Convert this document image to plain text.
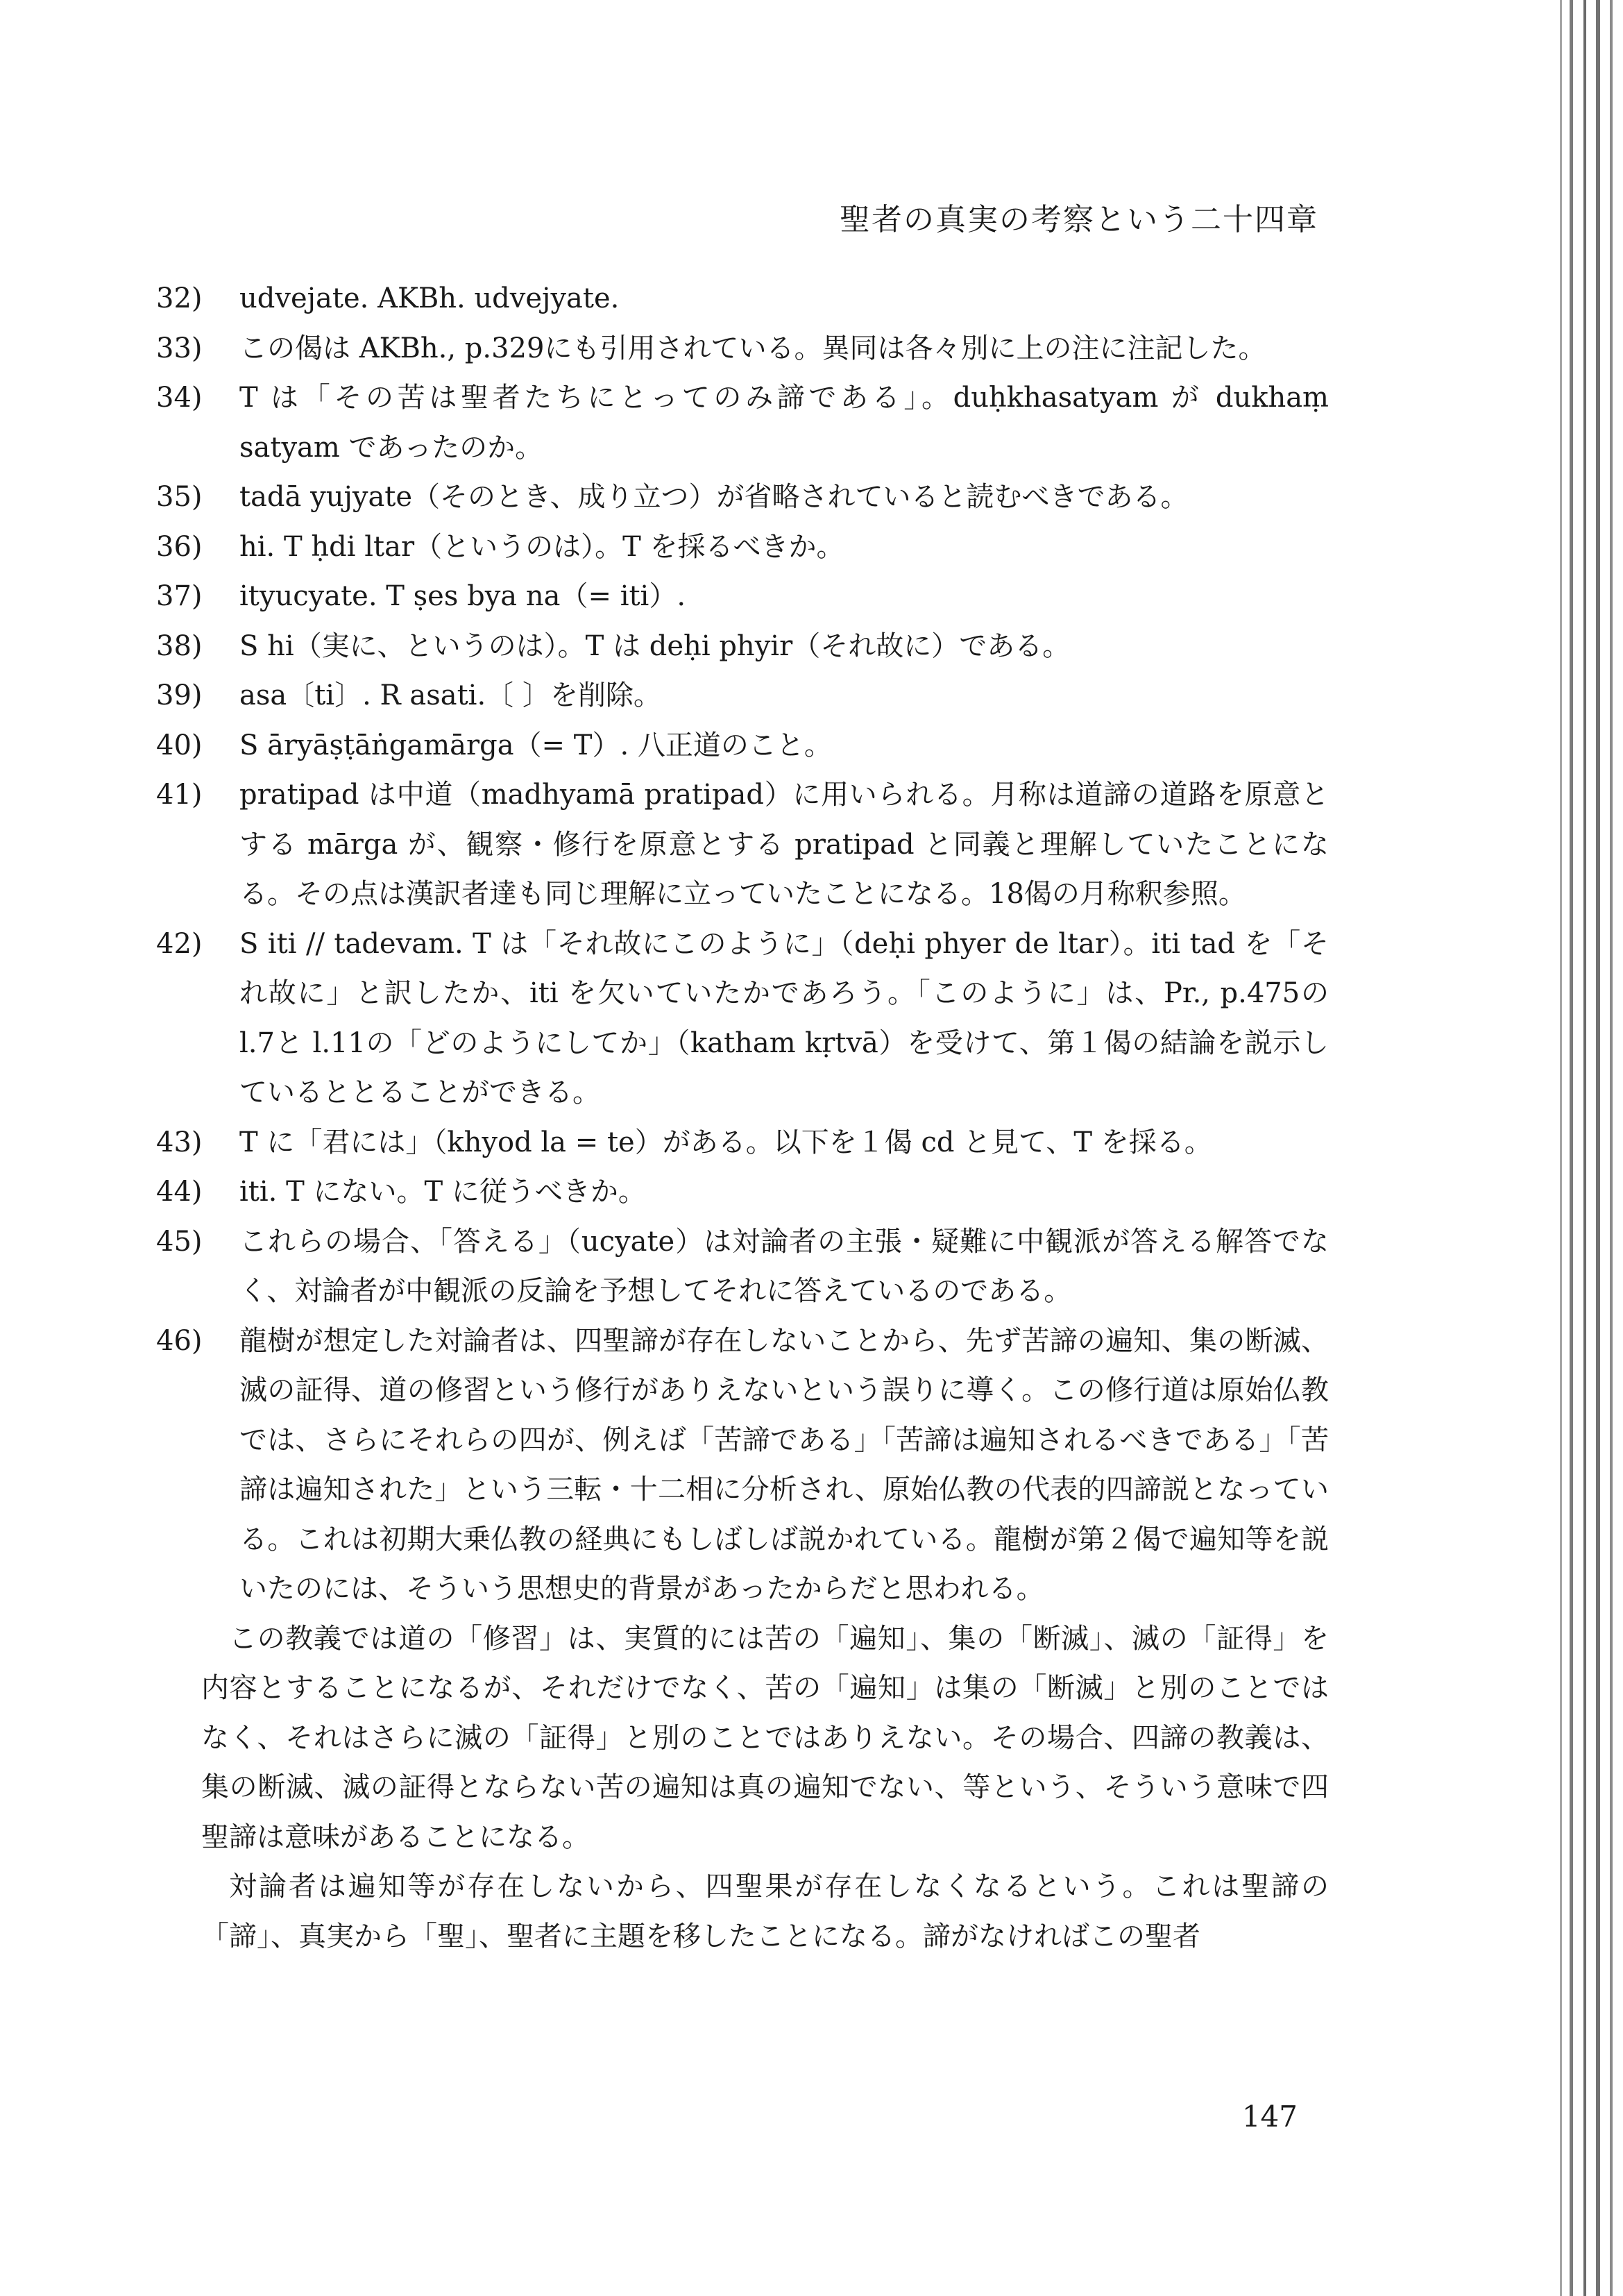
聖者の真実の考察という二十四章
32)	udvejate. AKBh. udvejyate.
33)	この偈は AKBh., p.329にも引用されている。異同は各々別に上の注に注記した。
34)	T は「その苦は聖者たちにとってのみ諦である」。duḥkhasatyam が dukhaṃ satyam であったのか。
35)	tadā yujyate（そのとき、成り立つ）が省略されていると読むべきである。
36)	hi. T ḥdi ltar（というのは）。T を採るべきか。
37)	ityucyate. T ṣes bya na（= iti）.
38)	S hi（実に、というのは）。T は deḥi phyir（それ故に）である。
39)	asa〔ti〕. R asati.〔 〕を削除。
40)	S āryāṣṭāṅgamārga（= T）. 八正道のこと。
41)	pratipad は中道（madhyamā pratipad）に用いられる。月称は道諦の道路を原意とする mārga が、観察・修行を原意とする pratipad と同義と理解していたことになる。その点は漢訳者達も同じ理解に立っていたことになる。18偈の月称釈参照。
42)	S iti // tadevam. T は「それ故にこのように」（deḥi phyer de ltar）。iti tad を「それ故に」と訳したか、iti を欠いていたかであろう。「このように」は、Pr., p.475の l.7と l.11の「どのようにしてか」（katham kṛtvā）を受けて、第１偈の結論を説示しているととることができる。
43)	T に「君には」（khyod la = te）がある。以下を１偈 cd と見て、T を採る。
44)	iti. T にない。T に従うべきか。
45)	これらの場合、「答える」（ucyate）は対論者の主張・疑難に中観派が答える解答でなく、対論者が中観派の反論を予想してそれに答えているのである。
46)	龍樹が想定した対論者は、四聖諦が存在しないことから、先ず苦諦の遍知、集の断滅、滅の証得、道の修習という修行がありえないという誤りに導く。この修行道は原始仏教では、さらにそれらの四が、例えば「苦諦である」「苦諦は遍知されるべきである」「苦諦は遍知された」という三転・十二相に分析され、原始仏教の代表的四諦説となっている。これは初期大乗仏教の経典にもしばしば説かれている。龍樹が第２偈で遍知等を説いたのには、そういう思想史的背景があったからだと思われる。

この教義では道の「修習」は、実質的には苦の「遍知」、集の「断滅」、滅の「証得」を内容とすることになるが、それだけでなく、苦の「遍知」は集の「断滅」と別のことではなく、それはさらに滅の「証得」と別のことではありえない。その場合、四諦の教義は、集の断滅、滅の証得とならない苦の遍知は真の遍知でない、等という、そういう意味で四聖諦は意味があることになる。

対論者は遍知等が存在しないから、四聖果が存在しなくなるという。これは聖諦の「諦」、真実から「聖」、聖者に主題を移したことになる。諦がなければこの聖者

147
